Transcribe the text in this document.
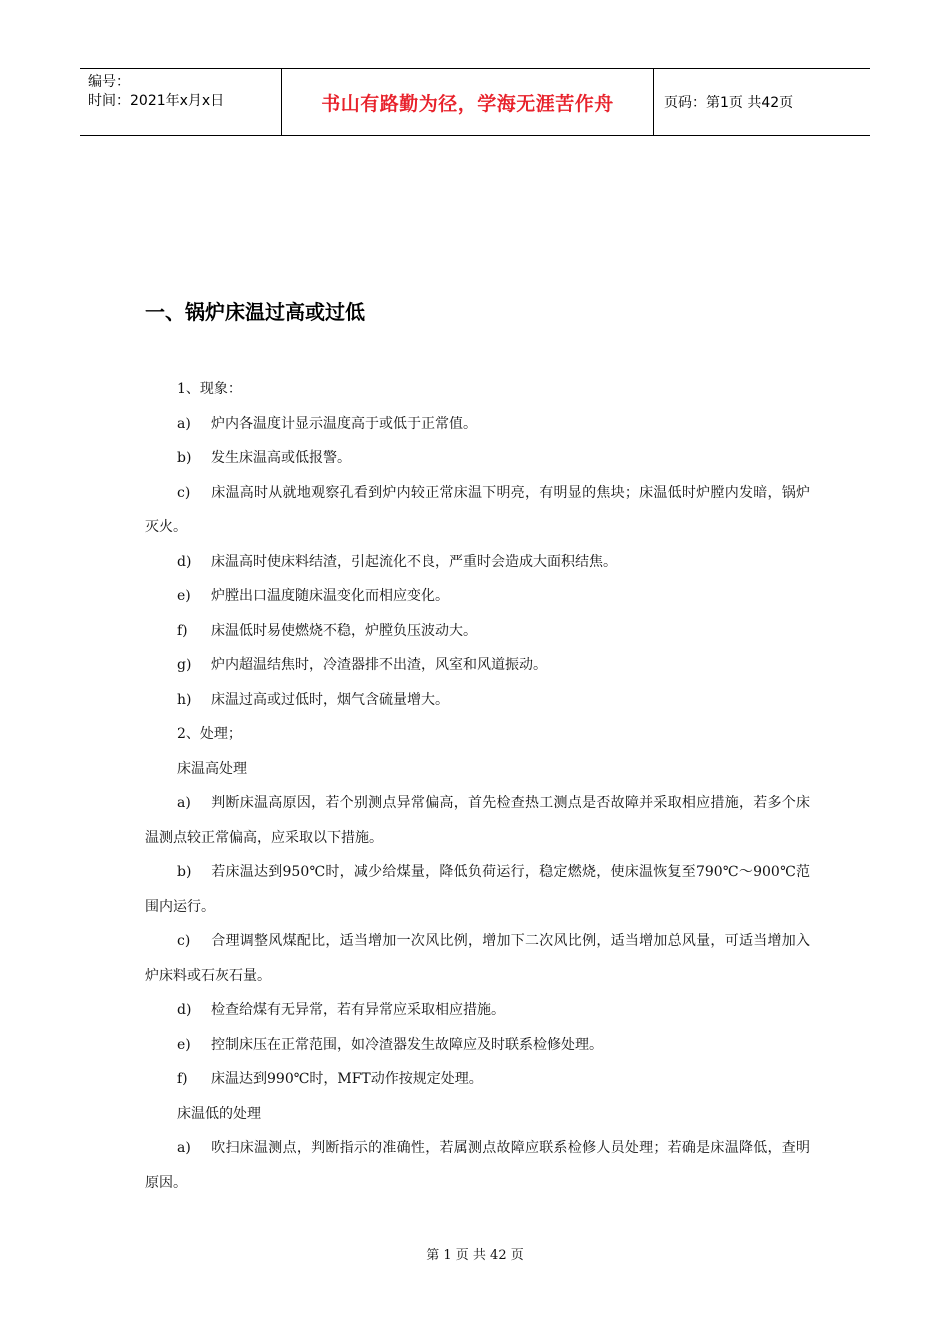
编号：
时间：2021年x月x日	书山有路勤为径，学海无涯苦作舟	页码：第1页 共42页
一、锅炉床温过高或过低

1、现象：

a) 炉内各温度计显示温度高于或低于正常值。

b) 发生床温高或低报警。

c) 床温高时从就地观察孔看到炉内较正常床温下明亮，有明显的焦块；床温低时炉膛内发暗，锅炉灭火。

d) 床温高时使床料结渣，引起流化不良，严重时会造成大面积结焦。

e) 炉膛出口温度随床温变化而相应变化。

f) 床温低时易使燃烧不稳，炉膛负压波动大。

g) 炉内超温结焦时，冷渣器排不出渣，风室和风道振动。

h) 床温过高或过低时，烟气含硫量增大。

2、处理；

床温高处理

a) 判断床温高原因，若个别测点异常偏高，首先检查热工测点是否故障并采取相应措施，若多个床温测点较正常偏高，应采取以下措施。

b) 若床温达到950℃时，减少给煤量，降低负荷运行，稳定燃烧，使床温恢复至790℃～900℃范围内运行。

c) 合理调整风煤配比，适当增加一次风比例，增加下二次风比例，适当增加总风量，可适当增加入炉床料或石灰石量。

d) 检查给煤有无异常，若有异常应采取相应措施。

e) 控制床压在正常范围，如冷渣器发生故障应及时联系检修处理。

f) 床温达到990℃时，MFT动作按规定处理。

床温低的处理

a) 吹扫床温测点，判断指示的准确性，若属测点故障应联系检修人员处理；若确是床温降低，查明原因。

第 1 页 共 42 页
